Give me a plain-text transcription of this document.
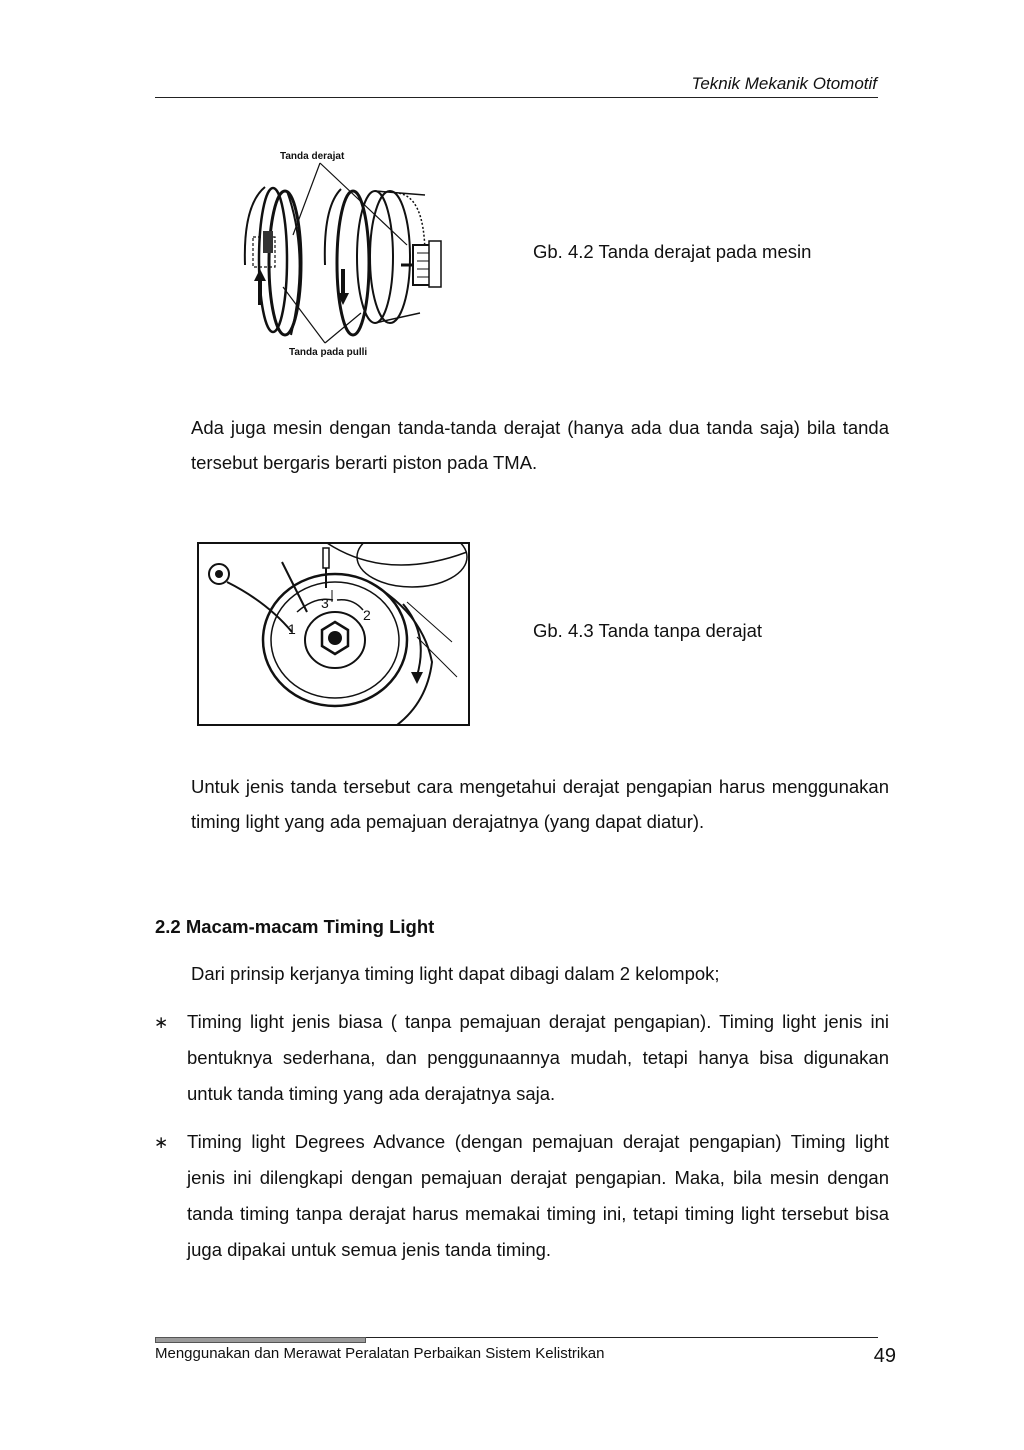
Teknik Mekanik Otomotif
Tanda derajat
Tanda pada pulli
Gb. 4.2 Tanda derajat pada mesin
Ada juga mesin dengan tanda-tanda derajat (hanya ada dua tanda saja) bila tanda tersebut bergaris berarti piston pada TMA.
1
2
3
Gb. 4.3 Tanda tanpa derajat
Untuk jenis tanda tersebut cara mengetahui derajat pengapian harus menggunakan timing light yang ada pemajuan derajatnya (yang dapat diatur).
2.2 Macam-macam Timing Light
Dari prinsip kerjanya timing light dapat dibagi dalam 2 kelompok;
∗ Timing light jenis biasa ( tanpa pemajuan derajat pengapian). Timing light jenis ini bentuknya sederhana, dan penggunaannya mudah, tetapi hanya bisa digunakan untuk tanda timing yang ada derajatnya saja.
∗ Timing light Degrees Advance (dengan pemajuan derajat pengapian) Timing light jenis ini dilengkapi dengan pemajuan derajat pengapian. Maka, bila mesin dengan tanda timing tanpa derajat harus memakai timing ini, tetapi timing light tersebut bisa juga dipakai untuk semua jenis tanda timing.
Menggunakan dan Merawat Peralatan Perbaikan Sistem Kelistrikan	49
